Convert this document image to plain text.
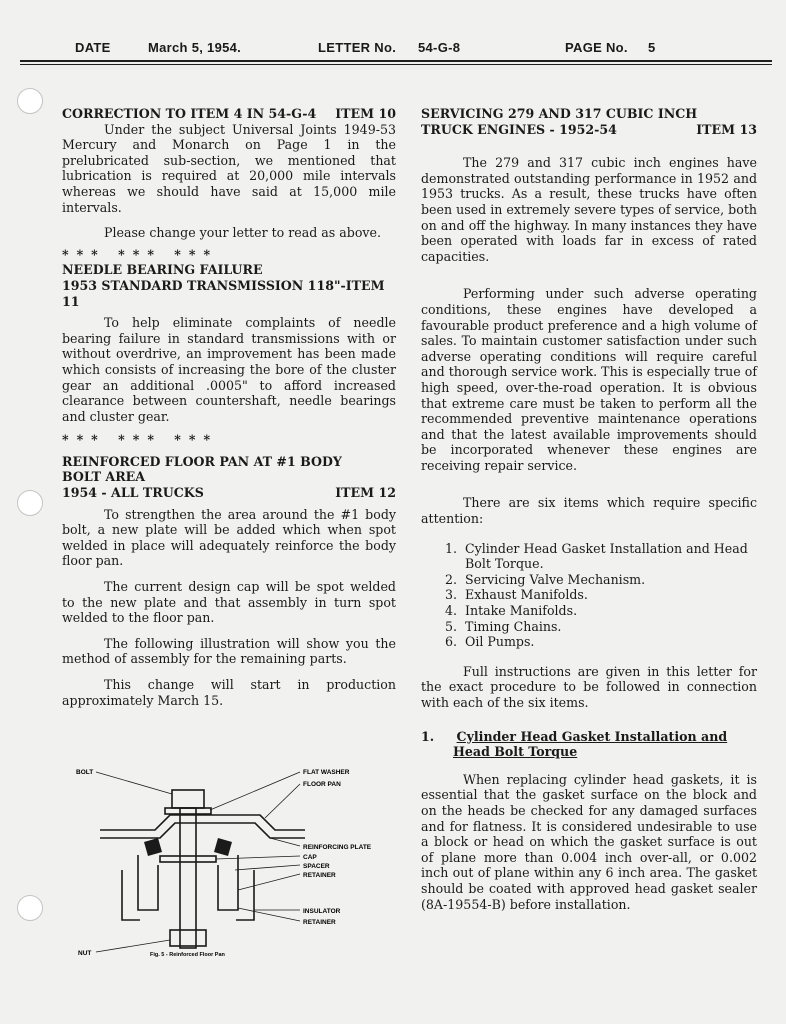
DATE	March 5, 1954.	LETTER No. 54-G-8	PAGE No. 5
CORRECTION TO ITEM 4 IN 54-G-4 ITEM 10

Under the subject Universal Joints 1949-53 Mercury and Monarch on Page 1 in the prelubricated sub-section, we mentioned that lubrication is required at 20,000 mile intervals whereas we should have said at 15,000 mile intervals.

Please change your letter to read as above.

*** *** ***

NEEDLE BEARING FAILURE
1953 STANDARD TRANSMISSION 118"-ITEM 11

To help eliminate complaints of needle bearing failure in standard transmissions with or without overdrive, an improvement has been made which consists of increasing the bore of the cluster gear an additional .0005" to afford increased clearance between countershaft, needle bearings and cluster gear.

*** *** ***

REINFORCED FLOOR PAN AT #1 BODY
BOLT AREA
1954 - ALL TRUCKS	ITEM 12

To strengthen the area around the #1 body bolt, a new plate will be added which when spot welded in place will adequately reinforce the body floor pan.

The current design cap will be spot welded to the new plate and that assembly in turn spot welded to the floor pan.

The following illustration will show you the method of assembly for the remaining parts.

This change will start in production approximately March 15.

BOLT	FLAT WASHER
FLOOR PAN
REINFORCING PLATE
CAP
SPACER
RETAINER
INSULATOR
RETAINER
NUT	Fig. 5 - Reinforced Floor Pan
SERVICING 279 AND 317 CUBIC INCH
TRUCK ENGINES - 1952-54	ITEM 13

The 279 and 317 cubic inch engines have demonstrated outstanding performance in 1952 and 1953 trucks. As a result, these trucks have often been used in extremely severe types of service, both on and off the highway. In many instances they have been operated with loads far in excess of rated capacities.

Performing under such adverse operating conditions, these engines have developed a favourable product preference and a high volume of sales. To maintain customer satisfaction under such adverse operating conditions will require careful and thorough service work. This is especially true of high speed, over-the-road operation. It is obvious that extreme care must be taken to perform all the recommended preventive maintenance operations and that the latest available improvements should be incorporated whenever these engines are receiving repair service.

There are six items which require specific attention:

1. Cylinder Head Gasket Installation and Head Bolt Torque.
2. Servicing Valve Mechanism.
3. Exhaust Manifolds.
4. Intake Manifolds.
5. Timing Chains.
6. Oil Pumps.

Full instructions are given in this letter for the exact procedure to be followed in connection with each of the six items.

1. Cylinder Head Gasket Installation and
Head Bolt Torque

When replacing cylinder head gaskets, it is essential that the gasket surface on the block and on the heads be checked for any damaged surfaces and for flatness. It is considered undesirable to use a block or head on which the gasket surface is out of plane more than 0.004 inch over-all, or 0.002 inch out of plane within any 6 inch area. The gasket should be coated with approved head gasket sealer (8A-19554-B) before installation.
